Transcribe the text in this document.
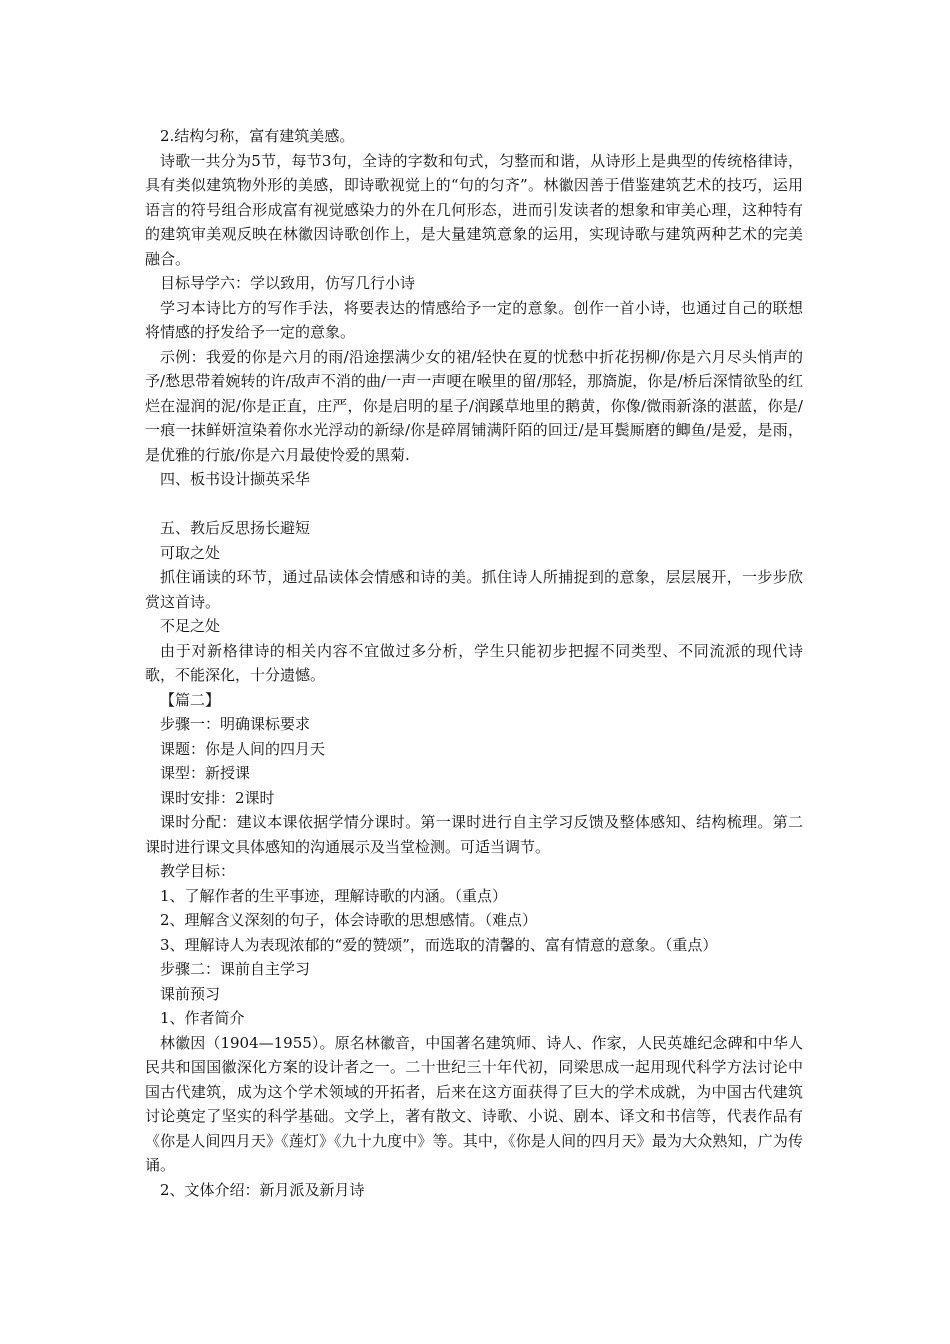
2.结构匀称，富有建筑美感。

诗歌一共分为5节，每节3句，全诗的字数和句式，匀整而和谐，从诗形上是典型的传统格律诗，具有类似建筑物外形的美感，即诗歌视觉上的“句的匀齐”。林徽因善于借鉴建筑艺术的技巧，运用语言的符号组合形成富有视觉感染力的外在几何形态，进而引发读者的想象和审美心理，这种特有的建筑审美观反映在林徽因诗歌创作上，是大量建筑意象的运用，实现诗歌与建筑两种艺术的完美融合。

目标导学六：学以致用，仿写几行小诗

学习本诗比方的写作手法，将要表达的情感给予一定的意象。创作一首小诗，也通过自己的联想将情感的抒发给予一定的意象。

示例：我爱的你是六月的雨/沿途摆满少女的裙/轻快在夏的忧愁中折花拐柳/你是六月尽头悄声的予/愁思带着婉转的许/敌声不消的曲/一声一声哽在喉里的留/那轻，那旖旎，你是/桥后深情欲坠的红烂在湿润的泥/你是正直，庄严，你是启明的星子/润蹊草地里的鹅黄，你像/微雨新涤的湛蓝，你是/一痕一抹鲜妍渲染着你水光浮动的新绿/你是碎屑铺满阡陌的回迂/是耳鬓厮磨的鲫鱼/是爱，是雨，是优雅的行旅/你是六月最使怜爱的黑菊.

四、板书设计撷英采华

五、教后反思扬长避短

可取之处

抓住诵读的环节，通过品读体会情感和诗的美。抓住诗人所捕捉到的意象，层层展开，一步步欣赏这首诗。

不足之处

由于对新格律诗的相关内容不宜做过多分析，学生只能初步把握不同类型、不同流派的现代诗歌，不能深化，十分遗憾。

【篇二】

步骤一：明确课标要求

课题：你是人间的四月天

课型：新授课

课时安排：2课时

课时分配：建议本课依据学情分课时。第一课时进行自主学习反馈及整体感知、结构梳理。第二课时进行课文具体感知的沟通展示及当堂检测。可适当调节。

教学目标：

1、了解作者的生平事迹，理解诗歌的内涵。（重点）

2、理解含义深刻的句子，体会诗歌的思想感情。（难点）

3、理解诗人为表现浓郁的“爱的赞颂”，而选取的清馨的、富有情意的意象。（重点）

步骤二：课前自主学习

课前预习

1、作者简介

林徽因（1904—1955）。原名林徽音，中国著名建筑师、诗人、作家，人民英雄纪念碑和中华人民共和国国徽深化方案的设计者之一。二十世纪三十年代初，同梁思成一起用现代科学方法讨论中国古代建筑，成为这个学术领域的开拓者，后来在这方面获得了巨大的学术成就，为中国古代建筑讨论奠定了坚实的科学基础。文学上，著有散文、诗歌、小说、剧本、译文和书信等，代表作品有《你是人间四月天》《莲灯》《九十九度中》等。其中，《你是人间的四月天》最为大众熟知，广为传诵。

2、文体介绍：新月派及新月诗
